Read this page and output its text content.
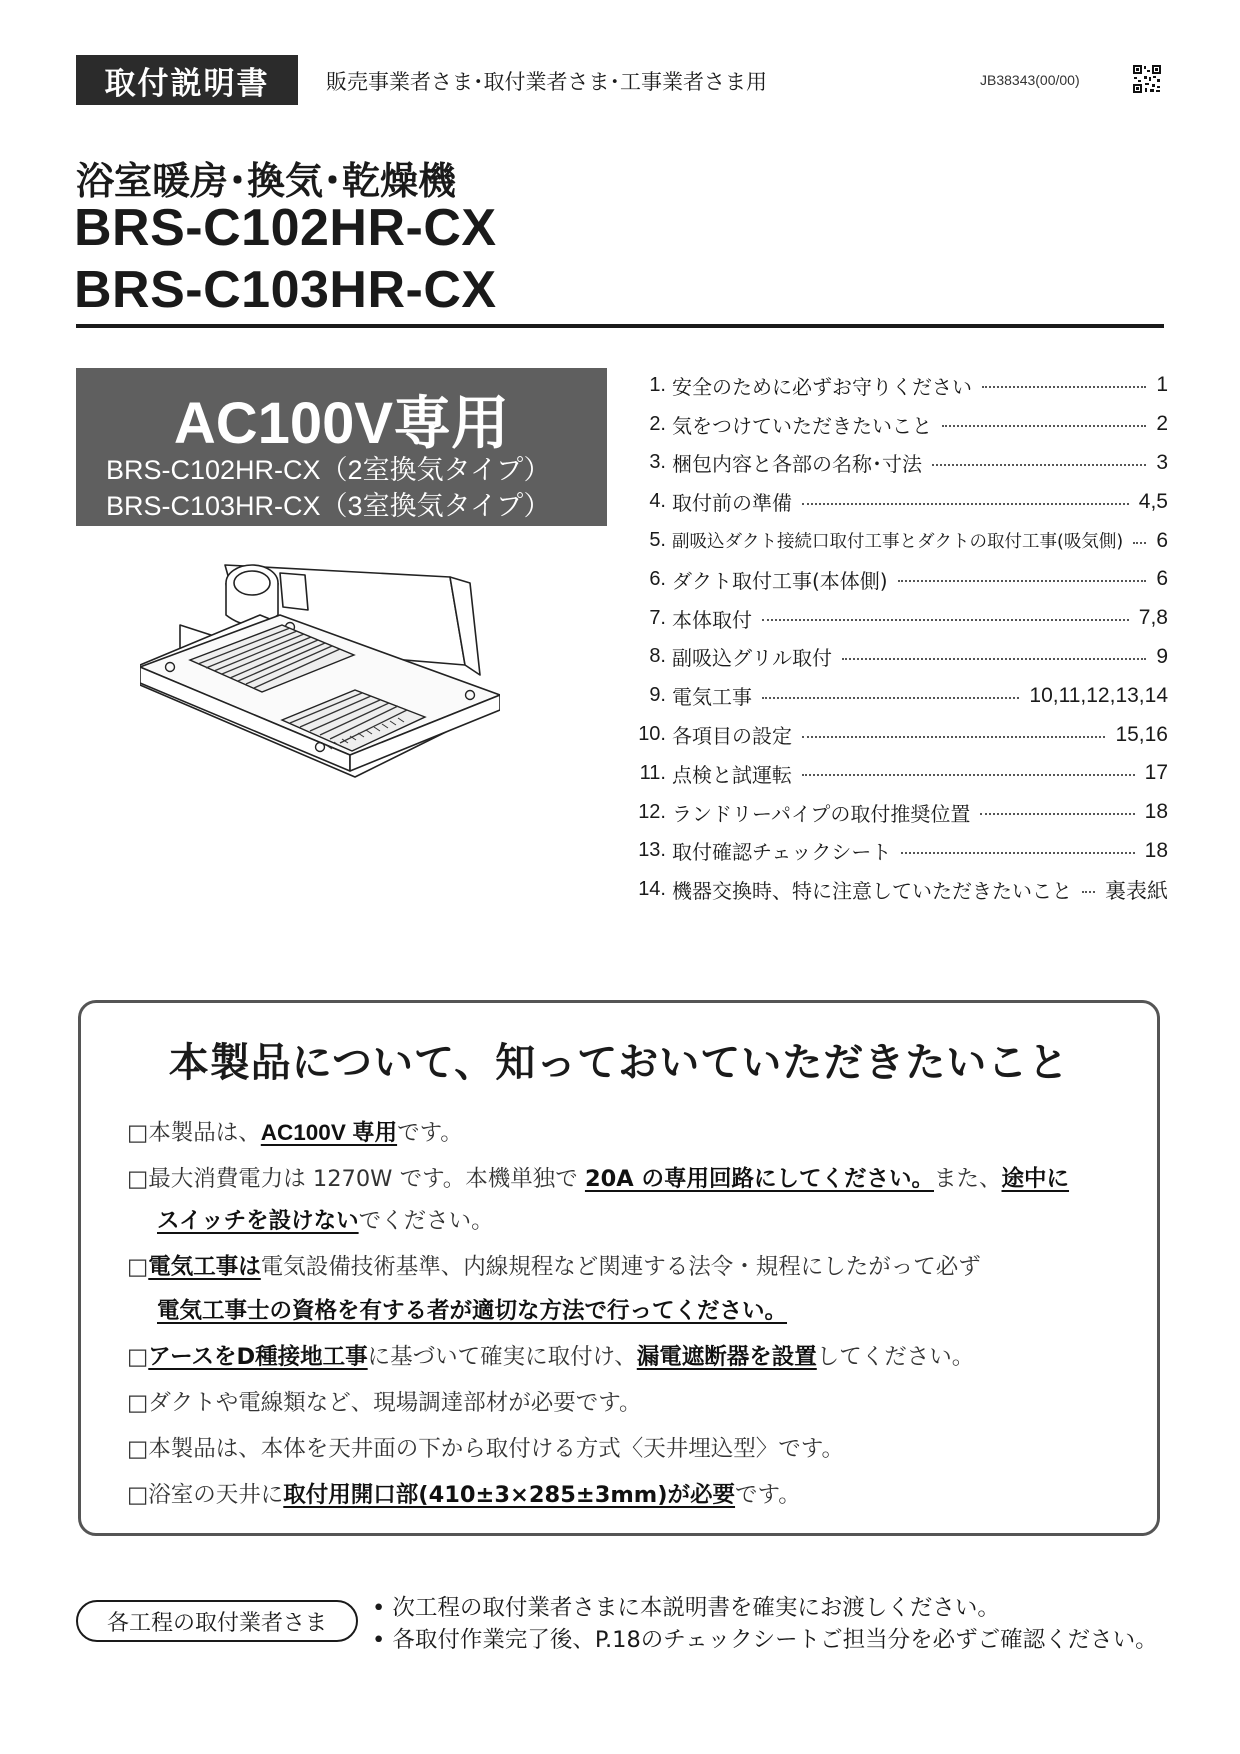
取付説明書	販売事業者さま･取付業者さま･工事業者さま用	JB38343(00/00)
浴室暖房･換気･乾燥機
BRS-C102HR-CX
BRS-C103HR-CX
AC100V専用
BRS-C102HR-CX（2室換気タイプ）
BRS-C103HR-CX（3室換気タイプ）
1. 安全のために必ずお守りください	1
2. 気をつけていただきたいこと	2
3. 梱包内容と各部の名称･寸法	3
4. 取付前の準備	4,5
5. 副吸込ダクト接続口取付工事とダクトの取付工事(吸気側) 6
6. ダクト取付工事(本体側)	6
7. 本体取付	7,8
8. 副吸込グリル取付	9
9. 電気工事	10,11,12,13,14
10. 各項目の設定	15,16
11. 点検と試運転	17
12. ランドリーパイプの取付推奨位置	18
13. 取付確認チェックシート	18
14. 機器交換時、特に注意していただきたいこと 裏表紙
本製品について、知っておいていただきたいこと
□本製品は、AC100V 専用です。
□最大消費電力は 1270W です。本機単独で 20A の専用回路にしてください。また、途中に
スイッチを設けないでください。
□電気工事は電気設備技術基準、内線規程など関連する法令・規程にしたがって必ず
電気工事士の資格を有する者が適切な方法で行ってください。
□アースをD種接地工事に基づいて確実に取付け、漏電遮断器を設置してください。
□ダクトや電線類など、現場調達部材が必要です。
□本製品は、本体を天井面の下から取付ける方式〈天井埋込型〉です。
□浴室の天井に取付用開口部(410±3×285±3mm)が必要です。
各工程の取付業者さま
• 次工程の取付業者さまに本説明書を確実にお渡しください。
• 各取付作業完了後、P.18のチェックシートご担当分を必ずご確認ください。
